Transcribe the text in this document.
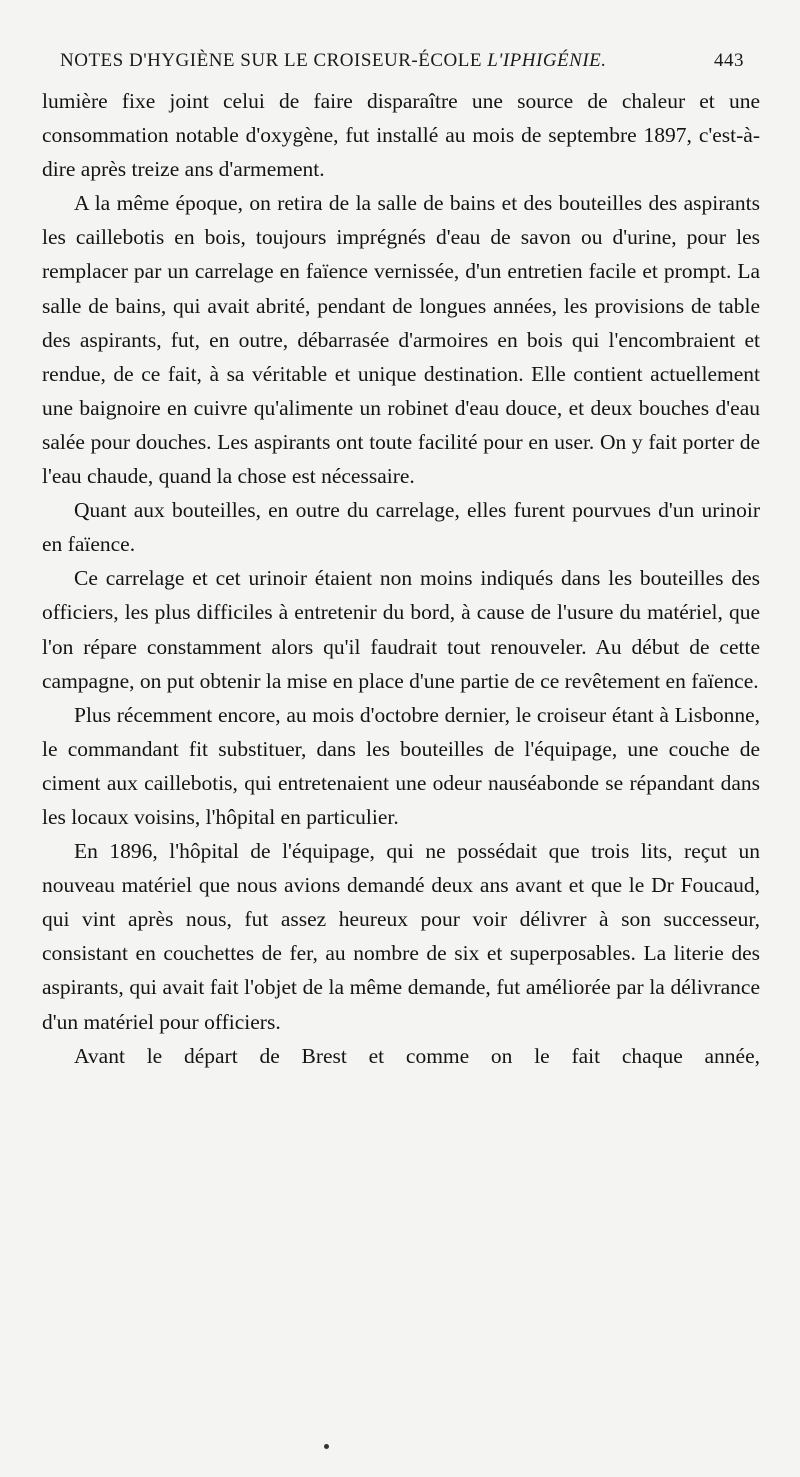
NOTES D'HYGIÈNE SUR LE CROISEUR-ÉCOLE L'IPHIGÉNIE.	443

lumière fixe joint celui de faire disparaître une source de chaleur et une consommation notable d'oxygène, fut installé au mois de septembre 1897, c'est-à-dire après treize ans d'armement.

A la même époque, on retira de la salle de bains et des bouteilles des aspirants les caillebotis en bois, toujours imprégnés d'eau de savon ou d'urine, pour les remplacer par un carrelage en faïence vernissée, d'un entretien facile et prompt. La salle de bains, qui avait abrité, pendant de longues années, les provisions de table des aspirants, fut, en outre, débarrasée d'armoires en bois qui l'encombraient et rendue, de ce fait, à sa véritable et unique destination. Elle contient actuellement une baignoire en cuivre qu'alimente un robinet d'eau douce, et deux bouches d'eau salée pour douches. Les aspirants ont toute facilité pour en user. On y fait porter de l'eau chaude, quand la chose est nécessaire.

Quant aux bouteilles, en outre du carrelage, elles furent pourvues d'un urinoir en faïence.

Ce carrelage et cet urinoir étaient non moins indiqués dans les bouteilles des officiers, les plus difficiles à entretenir du bord, à cause de l'usure du matériel, que l'on répare constamment alors qu'il faudrait tout renouveler. Au début de cette campagne, on put obtenir la mise en place d'une partie de ce revêtement en faïence.

Plus récemment encore, au mois d'octobre dernier, le croiseur étant à Lisbonne, le commandant fit substituer, dans les bouteilles de l'équipage, une couche de ciment aux caillebotis, qui entretenaient une odeur nauséabonde se répandant dans les locaux voisins, l'hôpital en particulier.

En 1896, l'hôpital de l'équipage, qui ne possédait que trois lits, reçut un nouveau matériel que nous avions demandé deux ans avant et que le Dr Foucaud, qui vint après nous, fut assez heureux pour voir délivrer à son successeur, consistant en couchettes de fer, au nombre de six et superposables. La literie des aspirants, qui avait fait l'objet de la même demande, fut améliorée par la délivrance d'un matériel pour officiers.

Avant le départ de Brest et comme on le fait chaque année,
